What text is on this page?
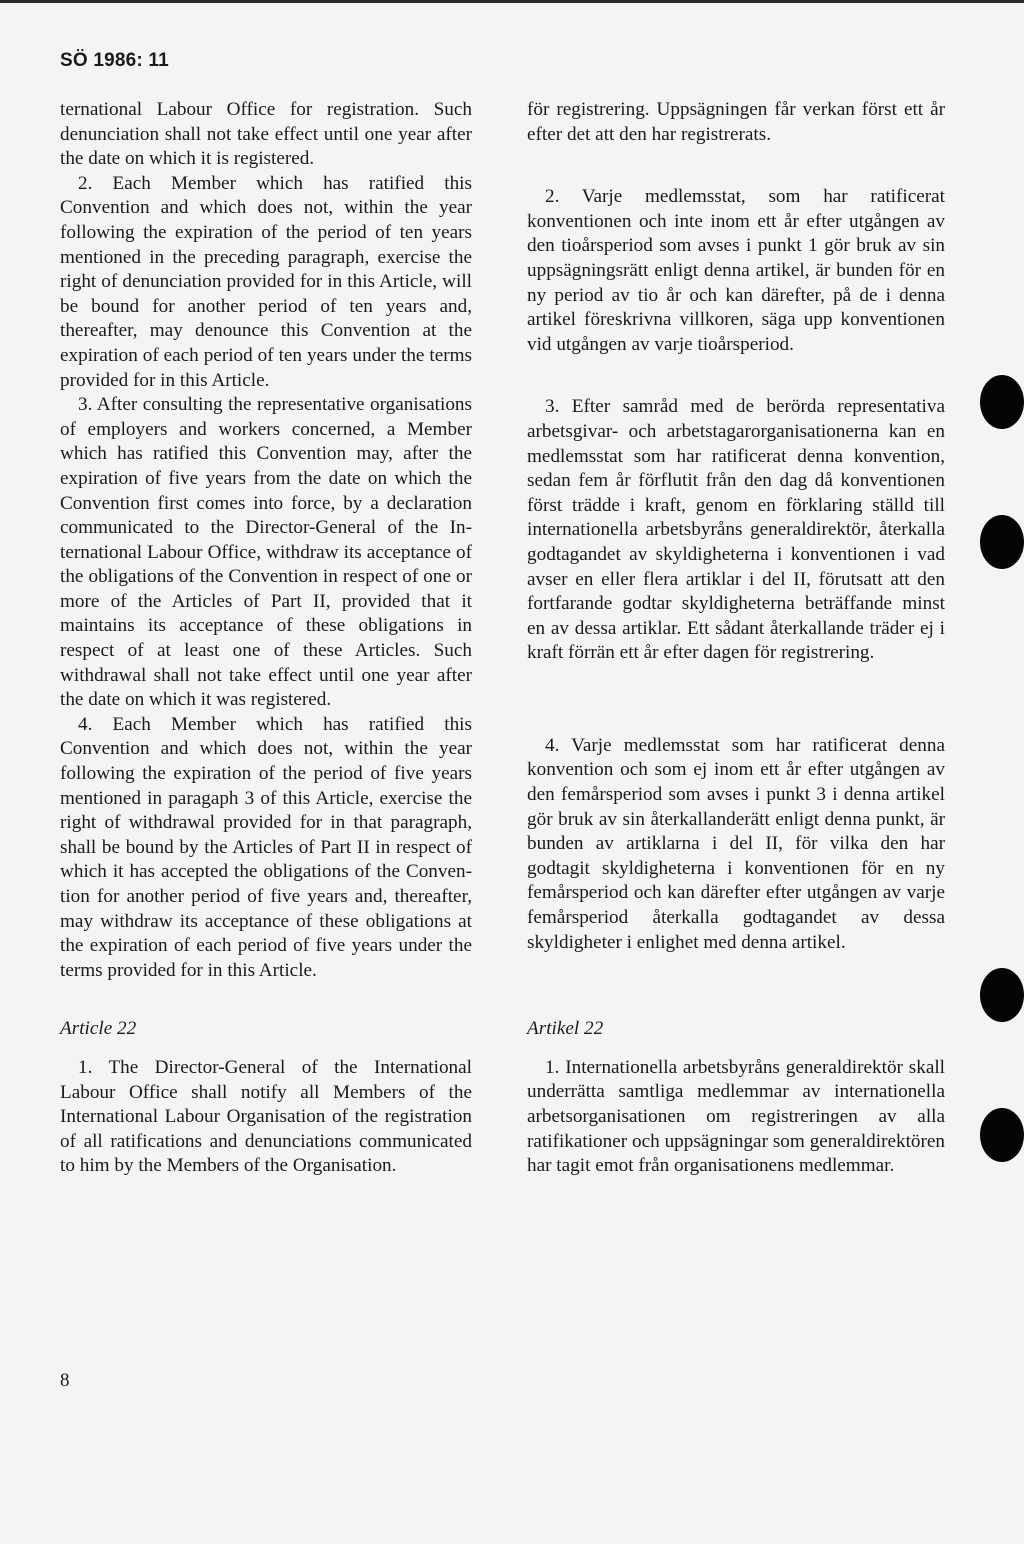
SÖ 1986: 11

ternational Labour Office for registration. Such denunciation shall not take effect until one year after the date on which it is registered.

2. Each Member which has ratified this Convention and which does not, within the year following the expiration of the period of ten years mentioned in the preceding paragraph, exercise the right of denunciation provided for in this Article, will be bound for another period of ten years and, thereafter, may denounce this Convention at the expiration of each period of ten years under the terms provided for in this Article.

3. After consulting the representative organisations of employers and workers concerned, a Member which has ratified this Convention may, after the expiration of five years from the date on which the Convention first comes into force, by a declaration communicated to the Director-General of the International Labour Office, withdraw its acceptance of the obligations of the Convention in respect of one or more of the Articles of Part II, provided that it maintains its acceptance of these obligations in respect of at least one of these Articles. Such withdrawal shall not take effect until one year after the date on which it was registered.

4. Each Member which has ratified this Convention and which does not, within the year following the expiration of the period of five years mentioned in paragaph 3 of this Article, exercise the right of withdrawal provided for in that paragraph, shall be bound by the Articles of Part II in respect of which it has accepted the obligations of the Convention for another period of five years and, thereafter, may withdraw its acceptance of these obligations at the expiration of each period of five years under the terms provided for in this Article.

Article 22

1. The Director-General of the International Labour Office shall notify all Members of the International Labour Organisation of the registration of all ratifications and denunciations communicated to him by the Members of the Organisation.

för registrering. Uppsägningen får verkan först ett år efter det att den har registrerats.

2. Varje medlemsstat, som har ratificerat konventionen och inte inom ett år efter utgången av den tioårsperiod som avses i punkt 1 gör bruk av sin uppsägningsrätt enligt denna artikel, är bunden för en ny period av tio år och kan därefter, på de i denna artikel föreskrivna villkoren, säga upp konventionen vid utgången av varje tioårsperiod.

3. Efter samråd med de berörda representativa arbetsgivar- och arbetstagarorganisationerna kan en medlemsstat som har ratificerat denna konvention, sedan fem år förflutit från den dag då konventionen först trädde i kraft, genom en förklaring ställd till internationella arbetsbyråns generaldirektör, återkalla godtagandet av skyldigheterna i konventionen i vad avser en eller flera artiklar i del II, förutsatt att den fortfarande godtar skyldigheterna beträffande minst en av dessa artiklar. Ett sådant återkallande träder ej i kraft förrän ett år efter dagen för registrering.

4. Varje medlemsstat som har ratificerat denna konvention och som ej inom ett år efter utgången av den femårsperiod som avses i punkt 3 i denna artikel gör bruk av sin återkallanderätt enligt denna punkt, är bunden av artiklarna i del II, för vilka den har godtagit skyldigheterna i konventionen för en ny femårsperiod och kan därefter efter utgången av varje femårsperiod återkalla godtagandet av dessa skyldigheter i enlighet med denna artikel.

Artikel 22

1. Internationella arbetsbyråns generaldirektör skall underrätta samtliga medlemmar av internationella arbetsorganisationen om registreringen av alla ratifikationer och uppsägningar som generaldirektören har tagit emot från organisationens medlemmar.

8
